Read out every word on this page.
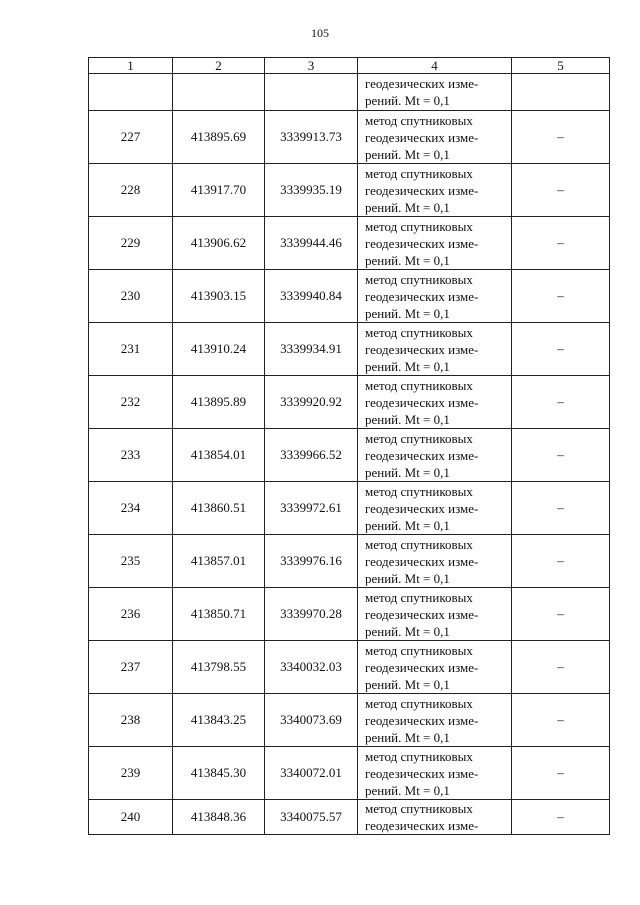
105
1	2	3	4	5
			геодезических изме-
рений. Mt = 0,1	
227	413895.69	3339913.73	метод спутниковых
геодезических изме-
рений. Mt = 0,1	–
228	413917.70	3339935.19	метод спутниковых
геодезических изме-
рений. Mt = 0,1	–
229	413906.62	3339944.46	метод спутниковых
геодезических изме-
рений. Mt = 0,1	–
230	413903.15	3339940.84	метод спутниковых
геодезических изме-
рений. Mt = 0,1	–
231	413910.24	3339934.91	метод спутниковых
геодезических изме-
рений. Mt = 0,1	–
232	413895.89	3339920.92	метод спутниковых
геодезических изме-
рений. Mt = 0,1	–
233	413854.01	3339966.52	метод спутниковых
геодезических изме-
рений. Mt = 0,1	–
234	413860.51	3339972.61	метод спутниковых
геодезических изме-
рений. Mt = 0,1	–
235	413857.01	3339976.16	метод спутниковых
геодезических изме-
рений. Mt = 0,1	–
236	413850.71	3339970.28	метод спутниковых
геодезических изме-
рений. Mt = 0,1	–
237	413798.55	3340032.03	метод спутниковых
геодезических изме-
рений. Mt = 0,1	–
238	413843.25	3340073.69	метод спутниковых
геодезических изме-
рений. Mt = 0,1	–
239	413845.30	3340072.01	метод спутниковых
геодезических изме-
рений. Mt = 0,1	–
240	413848.36	3340075.57	метод спутниковых
геодезических изме-	–
